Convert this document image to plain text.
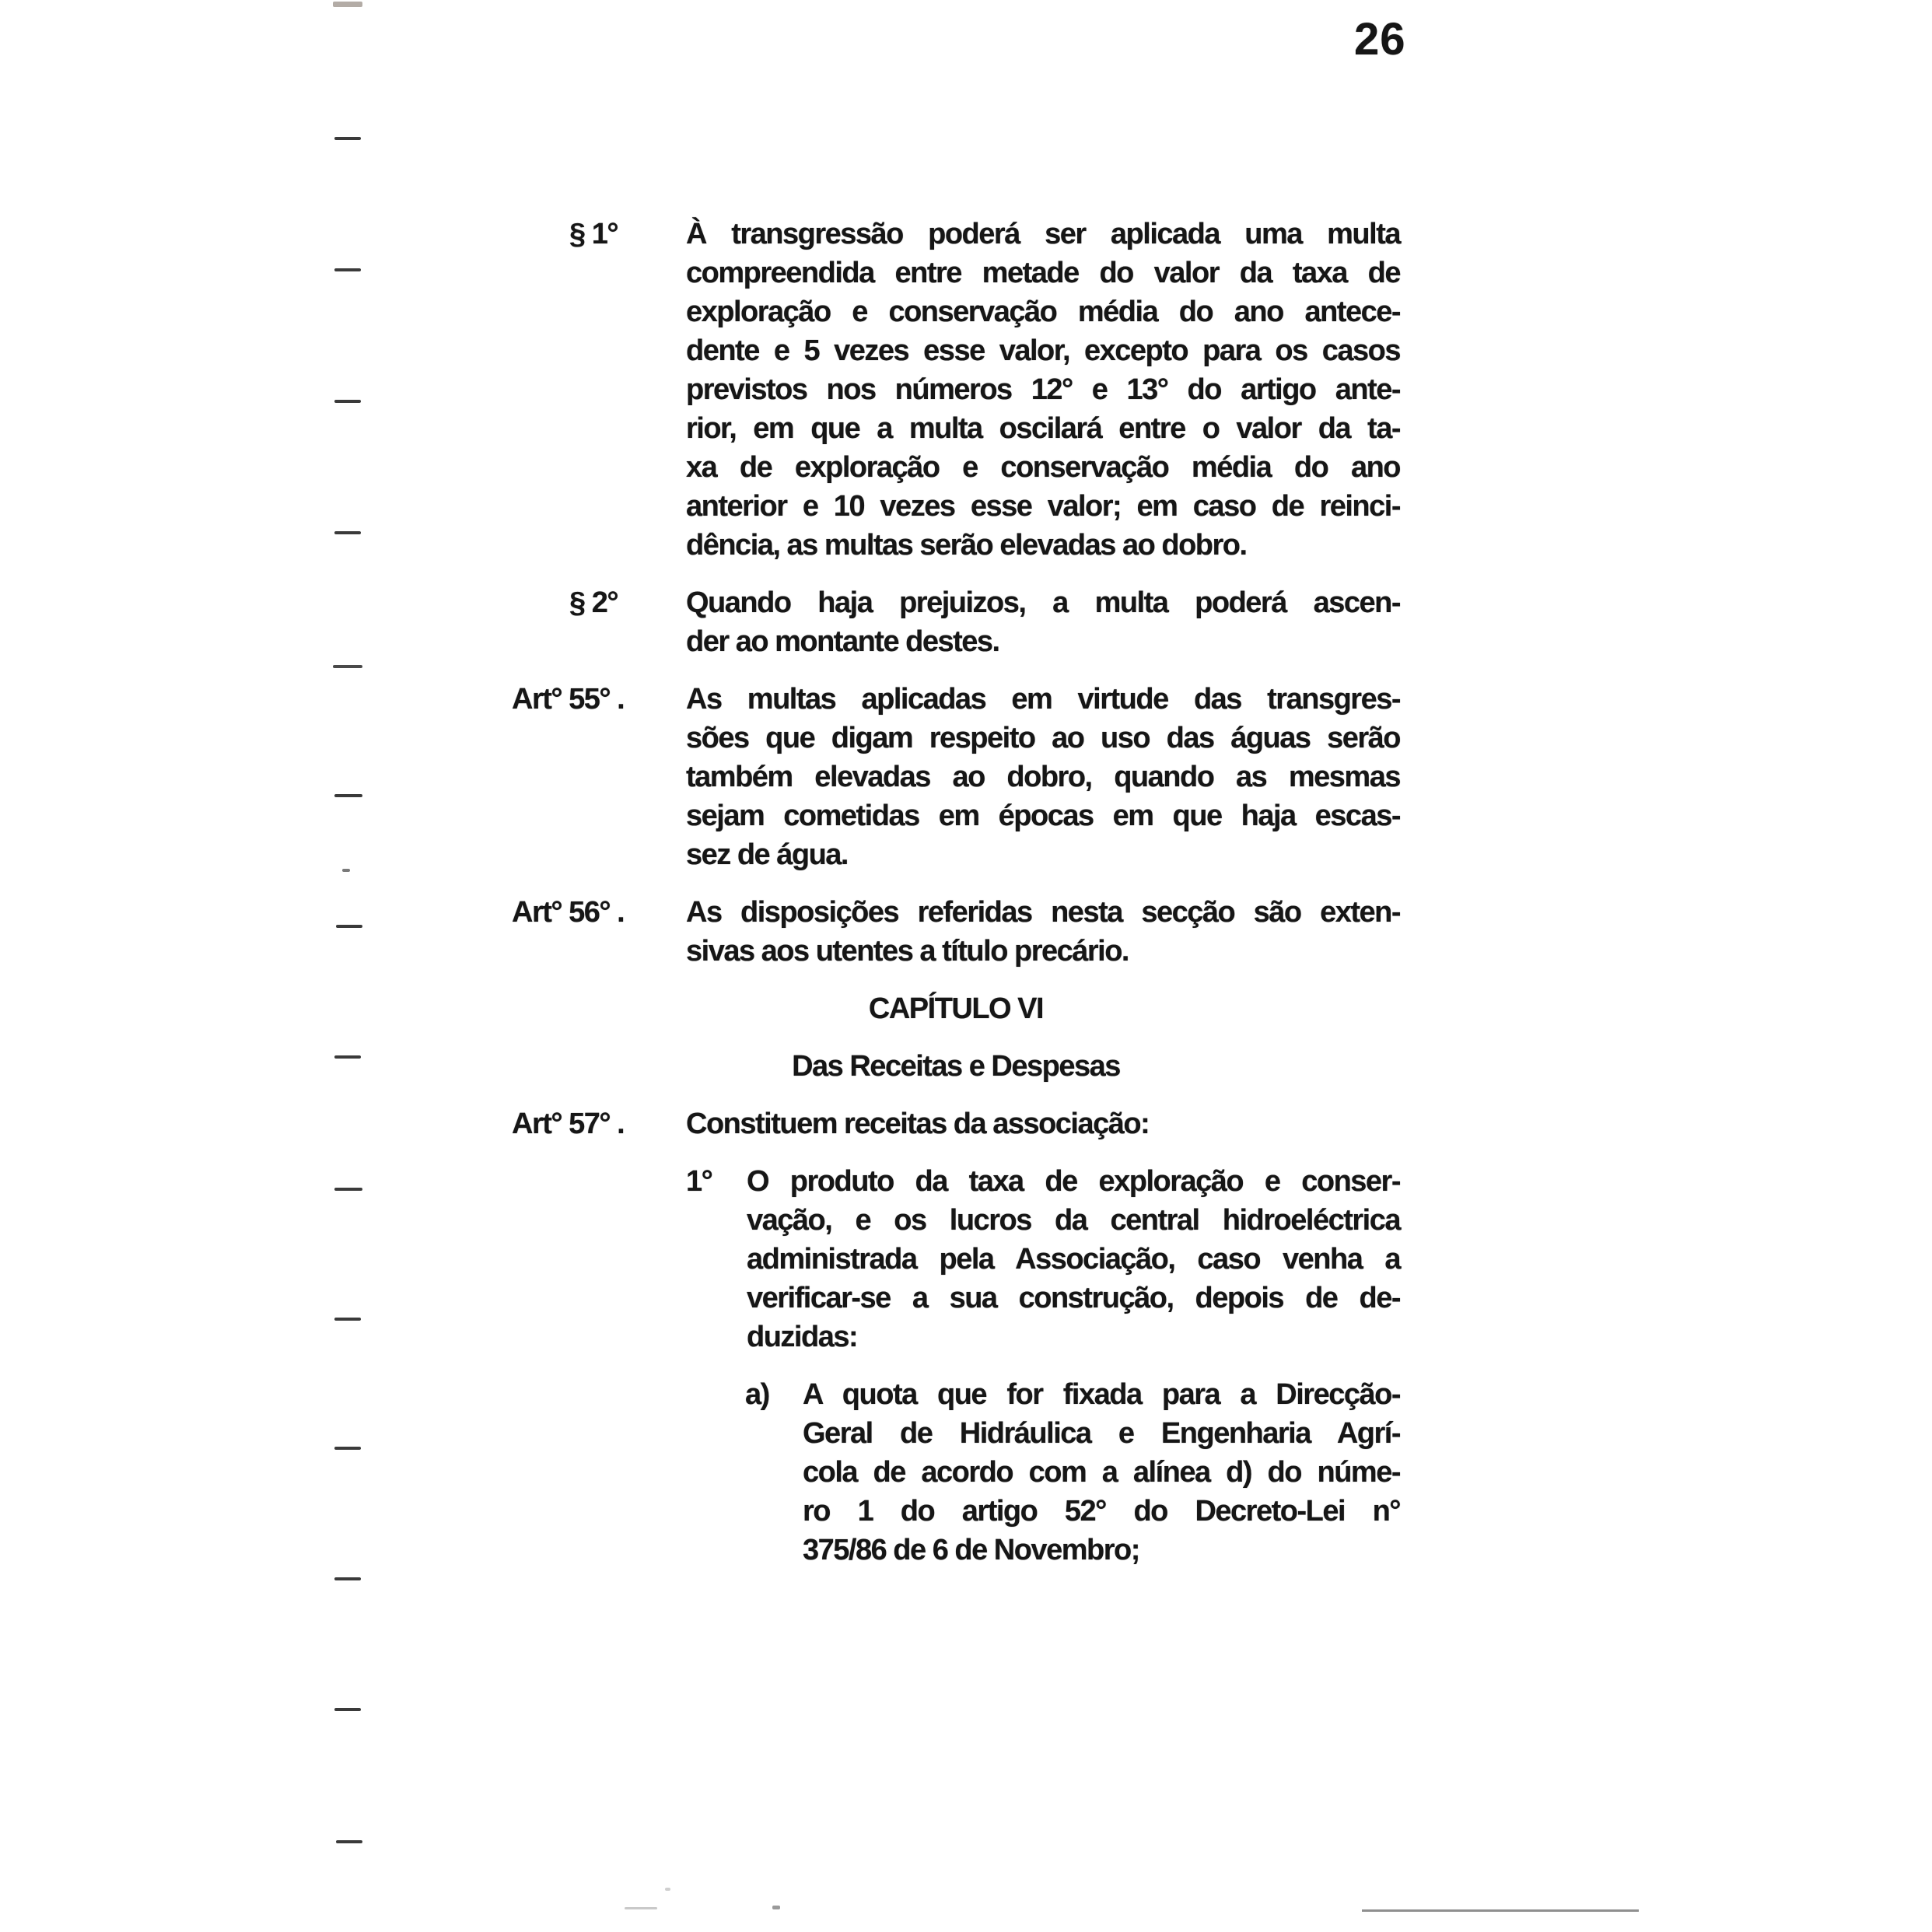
26
§ 1°	À transgressão poderá ser aplicada uma multa
compreendida entre metade do valor da taxa de
exploração e conservação média do ano antece-
dente e 5 vezes esse valor, excepto para os casos
previstos nos números 12° e 13° do artigo ante-
rior, em que a multa oscilará entre o valor da ta-
xa de exploração e conservação média do ano
anterior e 10 vezes esse valor; em caso de reinci-
dência, as multas serão elevadas ao dobro.
§ 2°	Quando haja prejuizos, a multa poderá ascen-
der ao montante destes.
Art° 55° .	As multas aplicadas em virtude das transgres-
sões que digam respeito ao uso das águas serão
também elevadas ao dobro, quando as mesmas
sejam cometidas em épocas em que haja escas-
sez de água.
Art° 56° .	As disposições referidas nesta secção são exten-
sivas aos utentes a título precário.
CAPÍTULO VI
Das Receitas e Despesas
Art° 57° .	Constituem receitas da associação:
1°	O produto da taxa de exploração e conser-
vação, e os lucros da central hidroeléctrica
administrada pela Associação, caso venha a
verificar-se a sua construção, depois de de-
duzidas:
a)	A quota que for fixada para a Direcção-
Geral de Hidráulica e Engenharia Agrí-
cola de acordo com a alínea d) do núme-
ro 1 do artigo 52° do Decreto-Lei n°
375/86 de 6 de Novembro;
